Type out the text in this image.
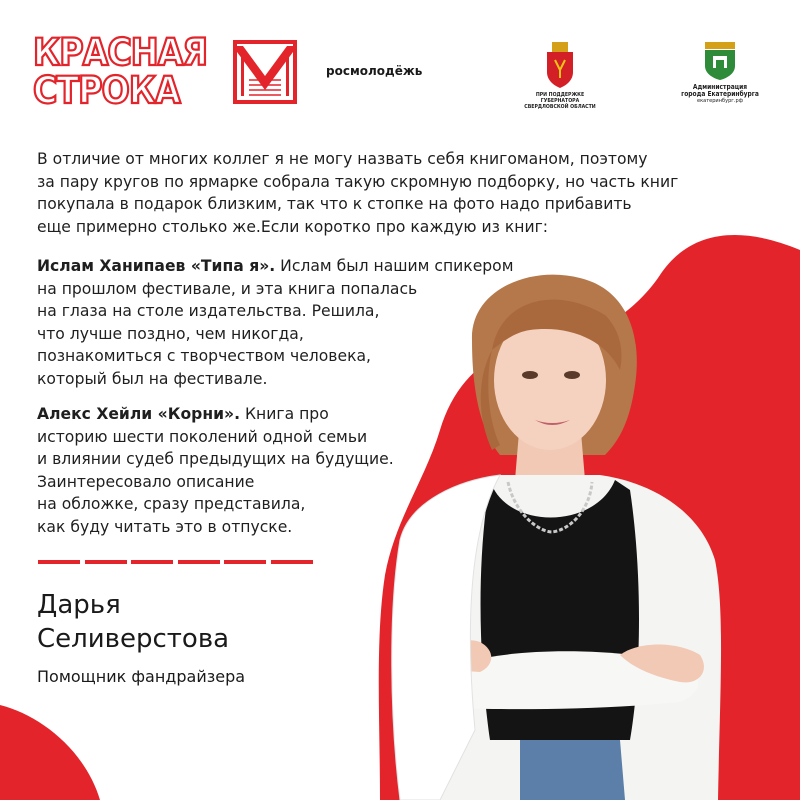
КРАСНАЯ
СТРОКА	росмолодёжь
ПРИ ПОДДЕРЖКЕ ГУБЕРНАТОРА СВЕРДЛОВСКОЙ ОБЛАСТИ
Администрация
города Екатеринбурга
екатеринбург.рф

В отличие от многих коллег я не могу назвать себя книгоманом, поэтому
за пару кругов по ярмарке собрала такую скромную подборку, но часть книг
покупала в подарок близким, так что к стопке на фото надо прибавить
еще примерно столько же.Если коротко про каждую из книг:

Ислам Ханипаев «Типа я». Ислам был нашим спикером
на прошлом фестивале, и эта книга попалась
на глаза на столе издательства. Решила,
что лучше поздно, чем никогда,
познакомиться с творчеством человека,
который был на фестивале.

Алекс Хейли «Корни». Книга про
историю шести поколений одной семьи
и влиянии судеб предыдущих на будущие.
Заинтересовало описание
на обложке, сразу представила,
как буду читать это в отпуске.

Дарья
Селиверстова
Помощник фандрайзера
